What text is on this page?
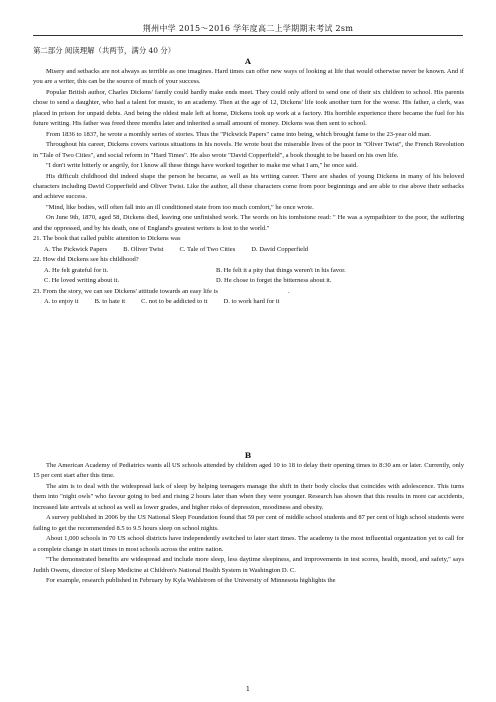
荆州中学 2015～2016 学年度高二上学期期末考试 2sm
第二部分 阅读理解（共两节，满分 40 分）
A

Misery and setbacks are not always as terrible as one imagines. Hard times can offer new ways of looking at life that would otherwise never be known. And if you are a writer, this can be the source of much of your success.

Popular British author, Charles Dickens' family could hardly make ends meet. They could only afford to send one of their six children to school. His parents chose to send a daughter, who had a talent for music, to an academy. Then at the age of 12, Dickens' life took another turn for the worse. His father, a clerk, was placed in prison for unpaid debts. And being the oldest male left at home, Dickens took up work at a factory. His horrible experience there became the fuel for his future writing. His father was freed three months later and inherited a small amount of money. Dickens was then sent to school.

From 1836 to 1837, he wrote a monthly series of stories. Thus the "Pickwick Papers" came into being, which brought fame to the 23-year old man.

Throughout his career, Dickens covers various situations in his novels. He wrote bout the miserable lives of the poor in "Oliver Twist", the French Revolution in "Tale of Two Cities", and social reform in "Hard Times". He also wrote "David Copperfield", a book thought to be based on his own life.

"I don't write bitterly or angrily, for I know all these things have worked together to make me what I am," he once said.

His difficult childhood did indeed shape the person he became, as well as his writing career. There are shades of young Dickens in many of his beloved characters including David Copperfield and Oliver Twist. Like the author, all these characters come from poor beginnings and are able to rise above their setbacks and achieve success.

"Mind, like bodies, will often fall into an ill conditioned state from too much comfort," he once wrote.

On June 9th, 1870, aged 58, Dickens died, leaving one unfinished work. The words on his tombstone read: " He was a sympathizer to the poor, the suffering and the oppressed, and by his death, one of England's greatest writers is lost to the world."

21. The book that called public attention to Dickens was

A. The Pickwick Papers B. Oliver Twist C. Tale of Two Cities D. David Copperfield

22. How did Dickens see his childhood?

A. He felt grateful for it.	B. He felt it a pity that things weren't in his favor.
C. He loved writing about it.	D. He chose to forget the bitterness about it.

23. From the story, we can see Dickens' attitude towards an easy life is	.

A. to enjoy it B. to hate it C. not to be addicted to it D. to work hard for it
B

The American Academy of Pediatrics wants all US schools attended by children aged 10 to 18 to delay their opening times to 8:30 am or later. Currently, only 15 per cent start after this time.

The aim is to deal with the widespread lack of sleep by helping teenagers manage the shift in their body clocks that coincides with adolescence. This turns them into "night owls" who favour going to bed and rising 2 hours later than when they were younger. Research has shown that this results in more car accidents, increased late arrivals at school as well as lower grades, and higher risks of depression, moodiness and obesity.

A survey published in 2006 by the US National Sleep Foundation found that 59 per cent of middle school students and 87 per cent of high school students were failing to get the recommended 8.5 to 9.5 hours sleep on school nights.

About 1,000 schools in 70 US school districts have independently switched to later start times. The academy is the most influential organization yet to call for a complete change in start times in most schools across the entire nation.

"The demonstrated benefits are widespread and include more sleep, less daytime sleepiness, and improvements in test scores, health, mood, and safety," says Judith Owens, director of Sleep Medicine at Children's National Health System in Washington D. C.

For example, research published in February by Kyla Wahlstrom of the University of Minnesota highlights the

1
